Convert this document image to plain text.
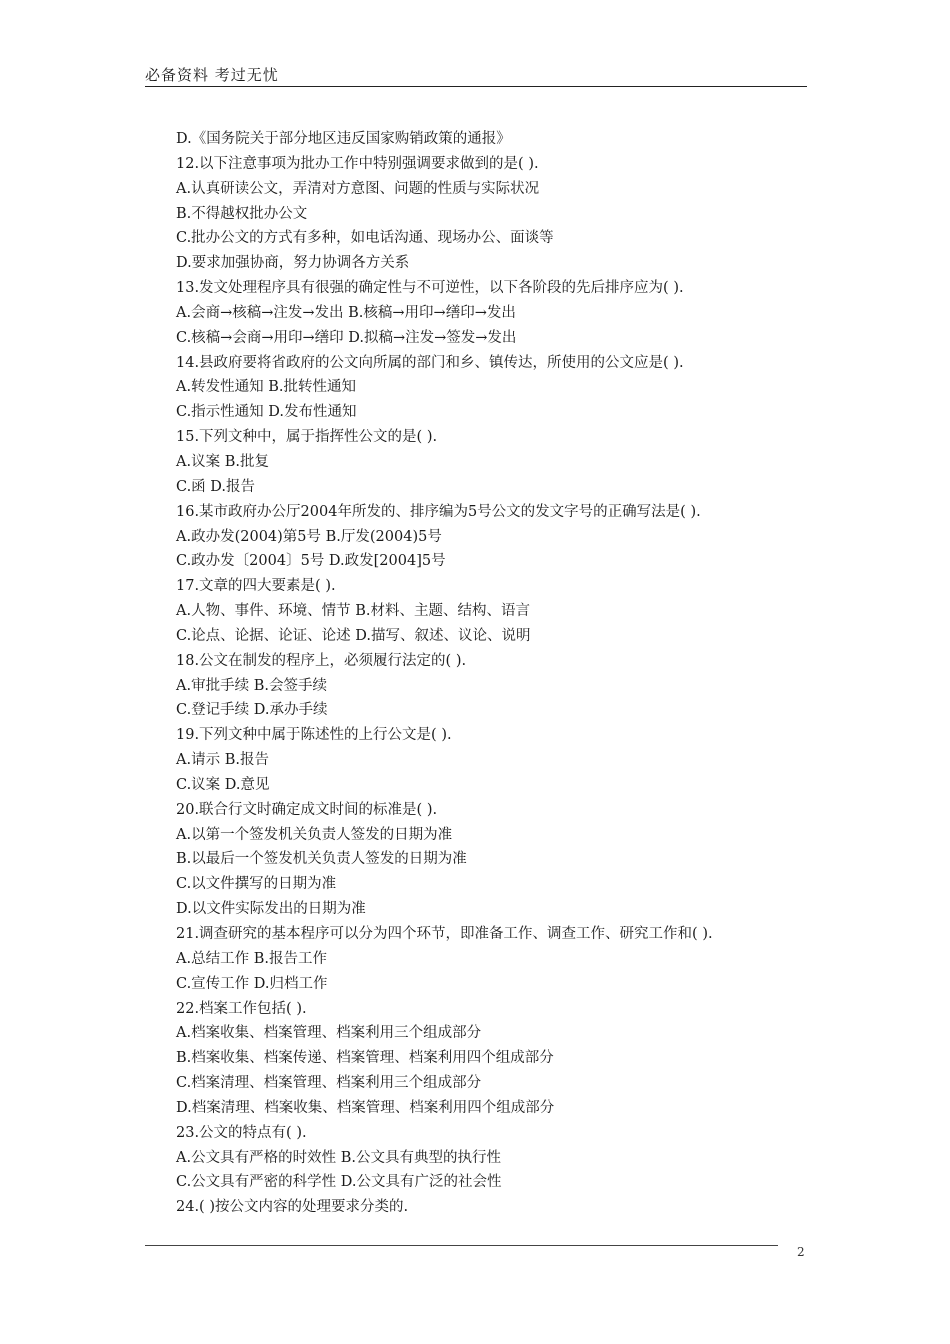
必备资料 考过无忧
D.《国务院关于部分地区违反国家购销政策的通报》
12.以下注意事项为批办工作中特别强调要求做到的是( ).
A.认真研读公文，弄清对方意图、问题的性质与实际状况
B.不得越权批办公文
C.批办公文的方式有多种，如电话沟通、现场办公、面谈等
D.要求加强协商，努力协调各方关系
13.发文处理程序具有很强的确定性与不可逆性，以下各阶段的先后排序应为( ).
A.会商→核稿→注发→发出 B.核稿→用印→缮印→发出
C.核稿→会商→用印→缮印 D.拟稿→注发→签发→发出
14.县政府要将省政府的公文向所属的部门和乡、镇传达，所使用的公文应是( ).
A.转发性通知 B.批转性通知
C.指示性通知 D.发布性通知
15.下列文种中，属于指挥性公文的是( ).
A.议案 B.批复
C.函 D.报告
16.某市政府办公厅2004年所发的、排序编为5号公文的发文字号的正确写法是( ).
A.政办发(2004)第5号 B.厅发(2004)5号
C.政办发〔2004〕5号 D.政发[2004]5号
17.文章的四大要素是( ).
A.人物、事件、环境、情节 B.材料、主题、结构、语言
C.论点、论据、论证、论述 D.描写、叙述、议论、说明
18.公文在制发的程序上，必须履行法定的( ).
A.审批手续 B.会签手续
C.登记手续 D.承办手续
19.下列文种中属于陈述性的上行公文是( ).
A.请示 B.报告
C.议案 D.意见
20.联合行文时确定成文时间的标准是( ).
A.以第一个签发机关负责人签发的日期为准
B.以最后一个签发机关负责人签发的日期为准
C.以文件撰写的日期为准
D.以文件实际发出的日期为准
21.调查研究的基本程序可以分为四个环节，即准备工作、调查工作、研究工作和( ).
A.总结工作 B.报告工作
C.宣传工作 D.归档工作
22.档案工作包括( ).
A.档案收集、档案管理、档案利用三个组成部分
B.档案收集、档案传递、档案管理、档案利用四个组成部分
C.档案清理、档案管理、档案利用三个组成部分
D.档案清理、档案收集、档案管理、档案利用四个组成部分
23.公文的特点有( ).
A.公文具有严格的时效性 B.公文具有典型的执行性
C.公文具有严密的科学性 D.公文具有广泛的社会性
24.( )按公文内容的处理要求分类的.
2
